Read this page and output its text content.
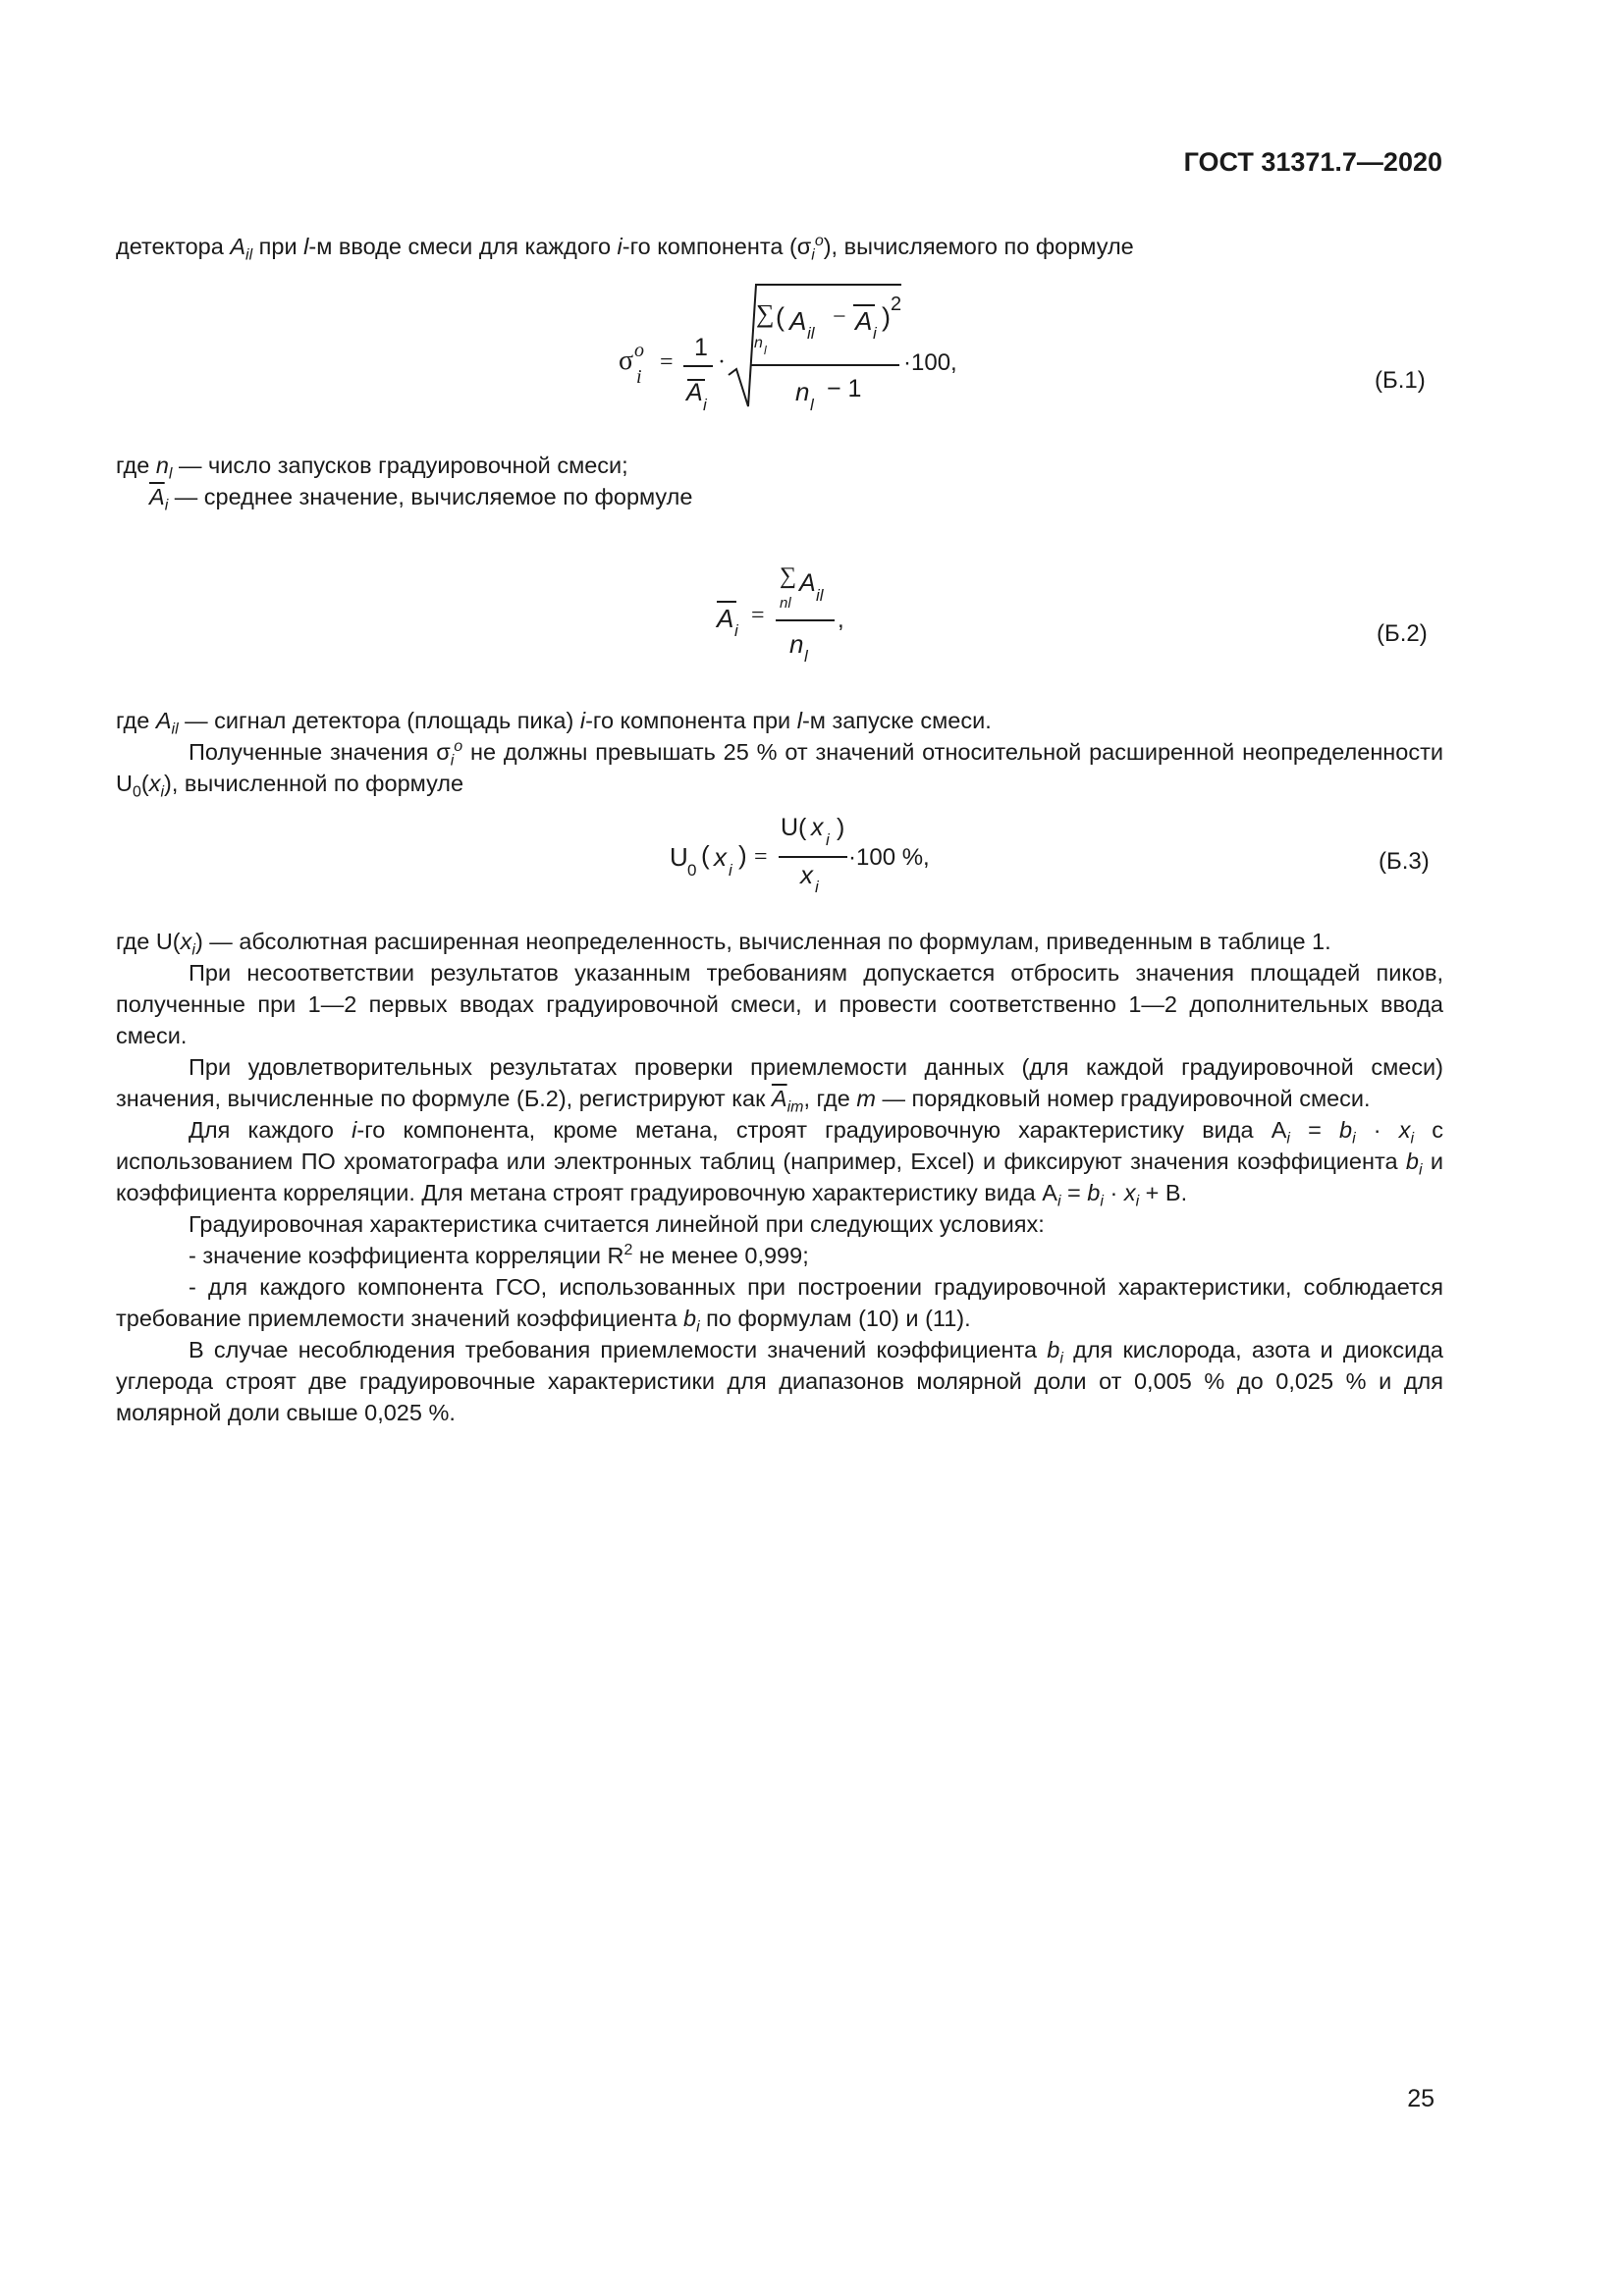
ГОСТ 31371.7—2020

детектора $A_{il}$ при l-м вводе смеси для каждого i-го компонента $(\sigma_i^o)$, вычисляемого по формуле

σ
i
o =
1
A i
·
∑
n l
( A il
− A i
) 2
n l
− 1
·100,
(Б.1)

где $n_l$ — число запусков градуировочной смеси;

$\overline{A}_i$ — среднее значение, вычисляемое по формуле

A i
=
∑
nl
A il
n l
,
(Б.2)

где $A_{il}$ — сигнал детектора (площадь пика) i-го компонента при l-м запуске смеси.

Полученные значения $\sigma_i^o$ не должны превышать 25 % от значений относительной расширенной неопределенности $U_0(x_i)$, вычисленной по формуле

U 0
( x i
) =
U( x i )
x i
·100 %,	(Б.3)

где $U(x_i)$ — абсолютная расширенная неопределенность, вычисленная по формулам, приведенным в таблице 1.

При несоответствии результатов указанным требованиям допускается отбросить значения площадей пиков, полученные при 1—2 первых вводах градуировочной смеси, и провести соответственно 1—2 дополнительных ввода смеси.

При удовлетворительных результатах проверки приемлемости данных (для каждой градуировочной смеси) значения, вычисленные по формуле (Б.2), регистрируют как $\overline{A}_{im}$, где m — порядковый номер градуировочной смеси.

Для каждого i-го компонента, кроме метана, строят градуировочную характеристику вида $A_i = b_i \cdot x_i$ с использованием ПО хроматографа или электронных таблиц (например, Excel) и фиксируют значения коэффициента $b_i$ и коэффициента корреляции. Для метана строят градуировочную характеристику вида $A_i = b_i \cdot x_i + B$.

Градуировочная характеристика считается линейной при следующих условиях:

- значение коэффициента корреляции $R^2$ не менее 0,999;

- для каждого компонента ГСО, использованных при построении градуировочной характеристики, соблюдается требование приемлемости значений коэффициента $b_i$ по формулам (10) и (11).

В случае несоблюдения требования приемлемости значений коэффициента $b_i$ для кислорода, азота и диоксида углерода строят две градуировочные характеристики для диапазонов молярной доли от 0,005 % до 0,025 % и для молярной доли свыше 0,025 %.

25
